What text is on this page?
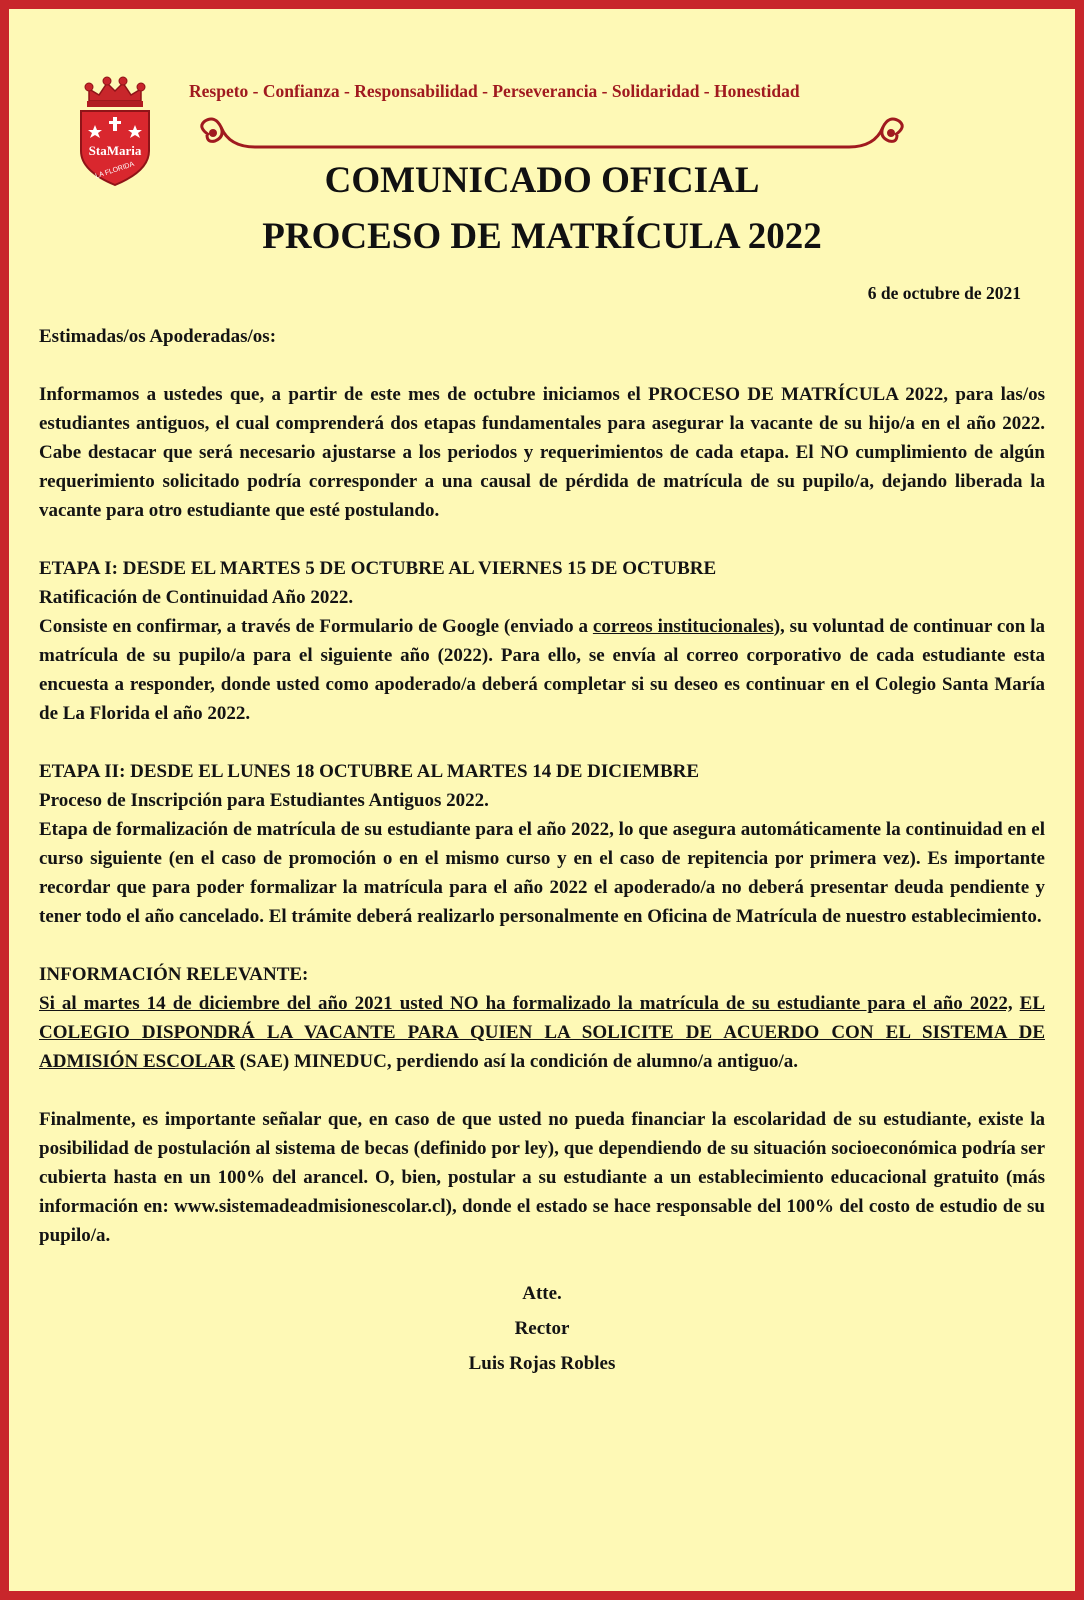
StaMaria
LA FLORIDA
Respeto - Confianza - Responsabilidad - Perseverancia - Solidaridad - Honestidad
COMUNICADO OFICIAL
PROCESO DE MATRÍCULA 2022
6 de octubre de 2021

Estimadas/os Apoderadas/os:

Informamos a ustedes que, a partir de este mes de octubre iniciamos el PROCESO DE MATRÍCULA 2022, para las/os estudiantes antiguos, el cual comprenderá dos etapas fundamentales para asegurar la vacante de su hijo/a en el año 2022. Cabe destacar que será necesario ajustarse a los periodos y requerimientos de cada etapa. El NO cumplimiento de algún requerimiento solicitado podría corresponder a una causal de pérdida de matrícula de su pupilo/a, dejando liberada la vacante para otro estudiante que esté postulando.

ETAPA I: DESDE EL MARTES 5 DE OCTUBRE AL VIERNES 15 DE OCTUBRE

Ratificación de Continuidad Año 2022.

Consiste en confirmar, a través de Formulario de Google (enviado a correos institucionales), su voluntad de continuar con la matrícula de su pupilo/a para el siguiente año (2022). Para ello, se envía al correo corporativo de cada estudiante esta encuesta a responder, donde usted como apoderado/a deberá completar si su deseo es continuar en el Colegio Santa María de La Florida el año 2022.

ETAPA II: DESDE EL LUNES 18 OCTUBRE AL MARTES 14 DE DICIEMBRE

Proceso de Inscripción para Estudiantes Antiguos 2022.

Etapa de formalización de matrícula de su estudiante para el año 2022, lo que asegura automáticamente la continuidad en el curso siguiente (en el caso de promoción o en el mismo curso y en el caso de repitencia por primera vez). Es importante recordar que para poder formalizar la matrícula para el año 2022 el apoderado/a no deberá presentar deuda pendiente y tener todo el año cancelado. El trámite deberá realizarlo personalmente en Oficina de Matrícula de nuestro establecimiento.

INFORMACIÓN RELEVANTE:

Si al martes 14 de diciembre del año 2021 usted NO ha formalizado la matrícula de su estudiante para el año 2022, EL COLEGIO DISPONDRÁ LA VACANTE PARA QUIEN LA SOLICITE DE ACUERDO CON EL SISTEMA DE ADMISIÓN ESCOLAR (SAE) MINEDUC, perdiendo así la condición de alumno/a antiguo/a.

Finalmente, es importante señalar que, en caso de que usted no pueda financiar la escolaridad de su estudiante, existe la posibilidad de postulación al sistema de becas (definido por ley), que dependiendo de su situación socioeconómica podría ser cubierta hasta en un 100% del arancel. O, bien, postular a su estudiante a un establecimiento educacional gratuito (más información en: www.sistemadeadmisionescolar.cl), donde el estado se hace responsable del 100% del costo de estudio de su pupilo/a.

Atte.

Rector

Luis Rojas Robles
